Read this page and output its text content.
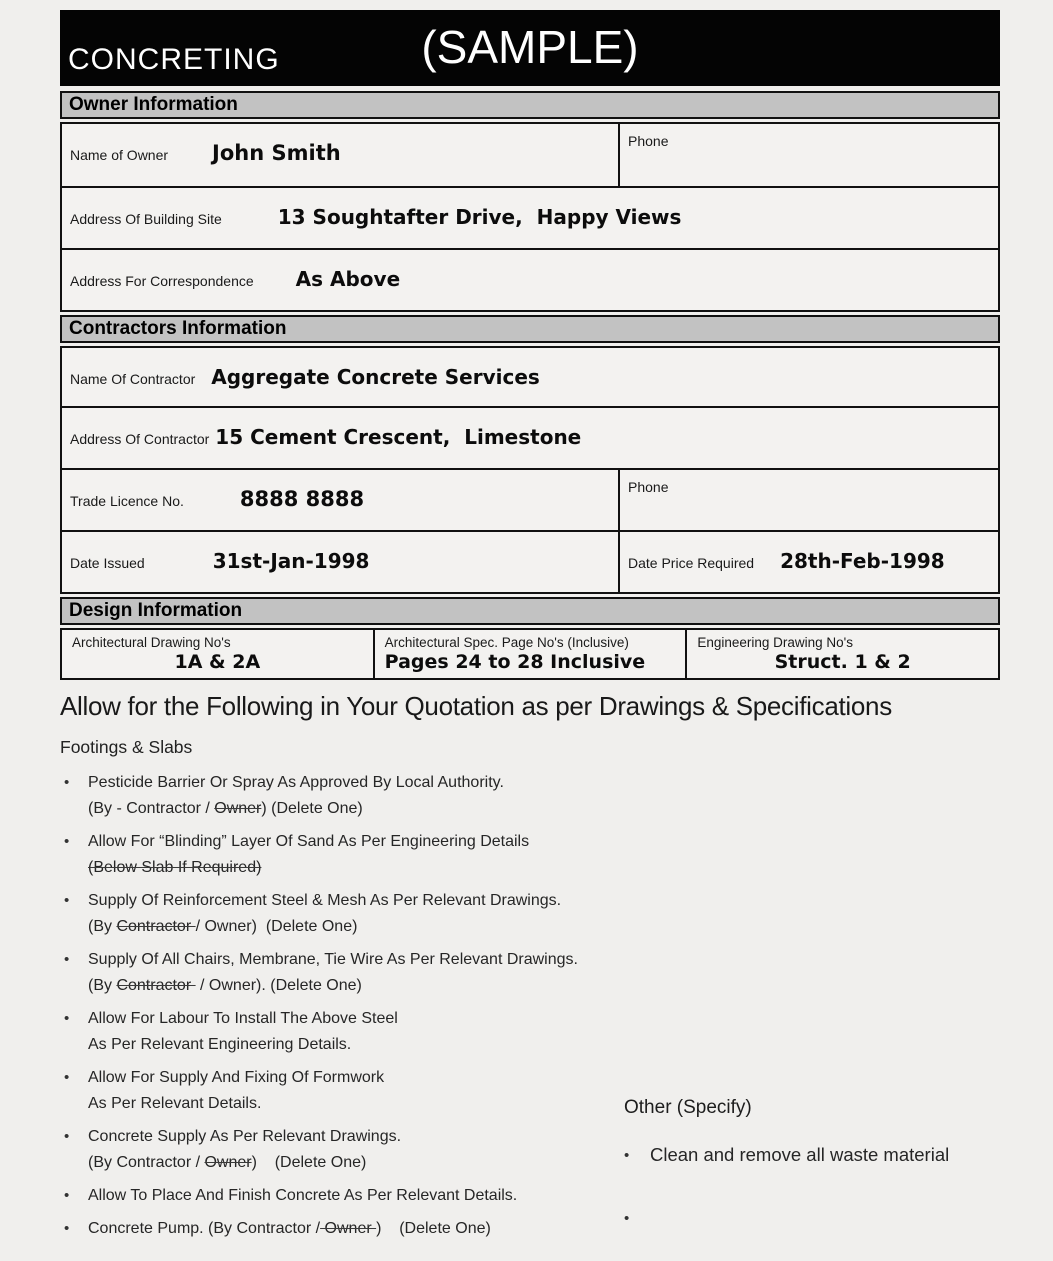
CONCRETING	(SAMPLE)
Owner Information
Name of Owner John Smith	Phone
Address Of Building Site	13 Soughtafter Drive,  Happy Views
Address For Correspondence As Above
Contractors Information
Name Of Contractor Aggregate Concrete Services
Address Of Contractor 15 Cement Crescent,  Limestone
Trade Licence No.	8888 8888	Phone
Date Issued	31st-Jan-1998	Date Price Required 28th-Feb-1998
Design Information
Architectural Drawing No's
1A & 2A
Architectural Spec. Page No's (Inclusive)
Pages 24 to 28 Inclusive
Engineering Drawing No's
Struct. 1 & 2
Allow for the Following in Your Quotation as per Drawings & Specifications
Footings & Slabs
•	Pesticide Barrier Or Spray As Approved By Local Authority.
(By - Contractor / Owner) (Delete One)
•	Allow For “Blinding” Layer Of Sand As Per Engineering Details
(Below Slab If Required)
•	Supply Of Reinforcement Steel & Mesh As Per Relevant Drawings.
(By Contractor / Owner)  (Delete One)
•	Supply Of All Chairs, Membrane, Tie Wire As Per Relevant Drawings.
(By Contractor  / Owner). (Delete One)
•	Allow For Labour To Install The Above Steel
As Per Relevant Engineering Details.
•	Allow For Supply And Fixing Of Formwork
As Per Relevant Details.
•	Concrete Supply As Per Relevant Drawings.
(By Contractor / Owner)    (Delete One)
•	Allow To Place And Finish Concrete As Per Relevant Details.
•	Concrete Pump. (By Contractor / Owner )    (Delete One)
Other (Specify)
•	Clean and remove all waste material
•
